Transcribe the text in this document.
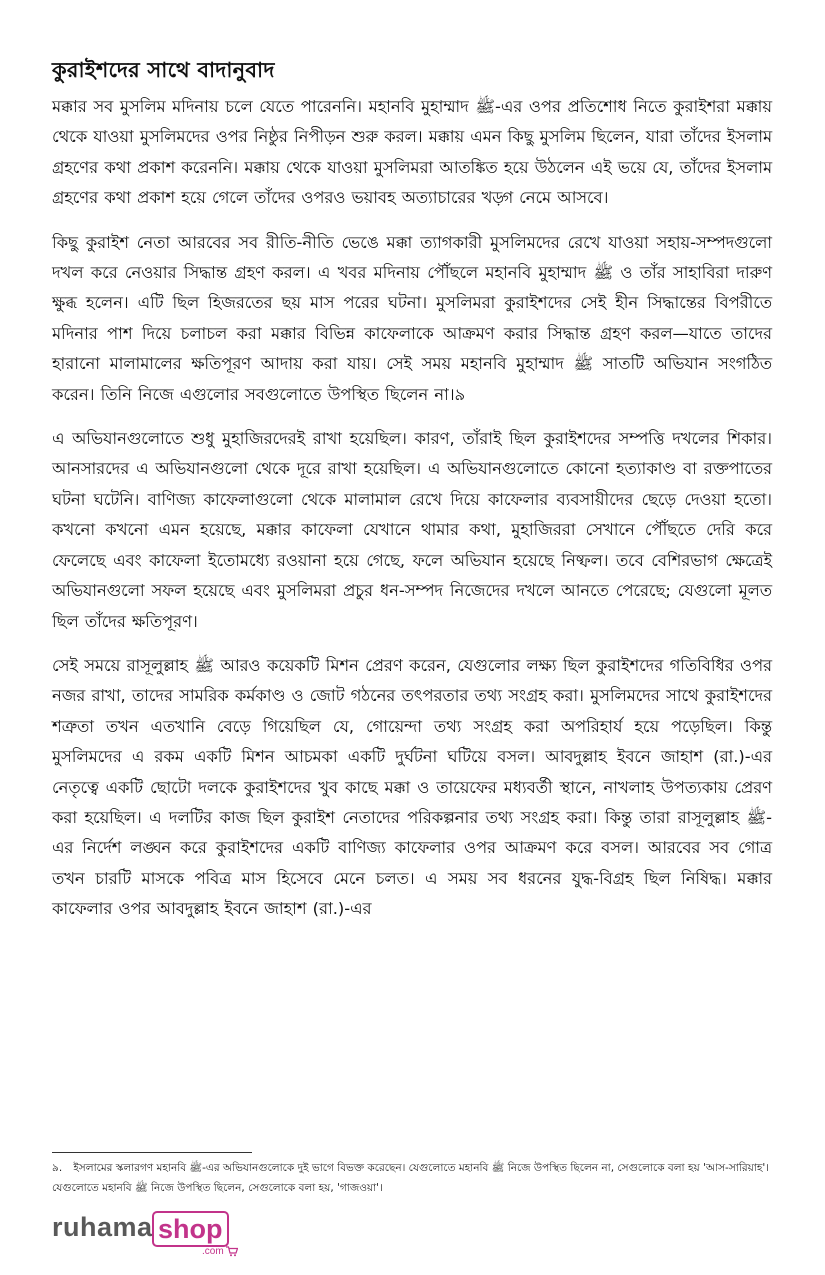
কুরাইশদের সাথে বাদানুবাদ

মক্কার সব মুসলিম মদিনায় চলে যেতে পারেননি। মহানবি মুহাম্মাদ ﷺ-এর ওপর প্রতিশোধ নিতে কুরাইশরা মক্কায় থেকে যাওয়া মুসলিমদের ওপর নিষ্ঠুর নিপীড়ন শুরু করল। মক্কায় এমন কিছু মুসলিম ছিলেন, যারা তাঁদের ইসলাম গ্রহণের কথা প্রকাশ করেননি। মক্কায় থেকে যাওয়া মুসলিমরা আতঙ্কিত হয়ে উঠলেন এই ভয়ে যে, তাঁদের ইসলাম গ্রহণের কথা প্রকাশ হয়ে গেলে তাঁদের ওপরও ভয়াবহ অত্যাচারের খড়্গ নেমে আসবে।

কিছু কুরাইশ নেতা আরবের সব রীতি-নীতি ভেঙে মক্কা ত্যাগকারী মুসলিমদের রেখে যাওয়া সহায়-সম্পদগুলো দখল করে নেওয়ার সিদ্ধান্ত গ্রহণ করল। এ খবর মদিনায় পৌঁছলে মহানবি মুহাম্মাদ ﷺ ও তাঁর সাহাবিরা দারুণ ক্ষুব্ধ হলেন। এটি ছিল হিজরতের ছয় মাস পরের ঘটনা। মুসলিমরা কুরাইশদের সেই হীন সিদ্ধান্তের বিপরীতে মদিনার পাশ দিয়ে চলাচল করা মক্কার বিভিন্ন কাফেলাকে আক্রমণ করার সিদ্ধান্ত গ্রহণ করল—যাতে তাদের হারানো মালামালের ক্ষতিপূরণ আদায় করা যায়। সেই সময় মহানবি মুহাম্মাদ ﷺ সাতটি অভিযান সংগঠিত করেন। তিনি নিজে এগুলোর সবগুলোতে উপস্থিত ছিলেন না।৯

এ অভিযানগুলোতে শুধু মুহাজিরদেরই রাখা হয়েছিল। কারণ, তাঁরাই ছিল কুরাইশদের সম্পত্তি দখলের শিকার। আনসারদের এ অভিযানগুলো থেকে দূরে রাখা হয়েছিল। এ অভিযানগুলোতে কোনো হত্যাকাণ্ড বা রক্তপাতের ঘটনা ঘটেনি। বাণিজ্য কাফেলাগুলো থেকে মালামাল রেখে দিয়ে কাফেলার ব্যবসায়ীদের ছেড়ে দেওয়া হতো। কখনো কখনো এমন হয়েছে, মক্কার কাফেলা যেখানে থামার কথা, মুহাজিররা সেখানে পৌঁছতে দেরি করে ফেলেছে এবং কাফেলা ইতোমধ্যে রওয়ানা হয়ে গেছে, ফলে অভিযান হয়েছে নিষ্ফল। তবে বেশিরভাগ ক্ষেত্রেই অভিযানগুলো সফল হয়েছে এবং মুসলিমরা প্রচুর ধন-সম্পদ নিজেদের দখলে আনতে পেরেছে; যেগুলো মূলত ছিল তাঁদের ক্ষতিপূরণ।

সেই সময়ে রাসূলুল্লাহ ﷺ আরও কয়েকটি মিশন প্রেরণ করেন, যেগুলোর লক্ষ্য ছিল কুরাইশদের গতিবিধির ওপর নজর রাখা, তাদের সামরিক কর্মকাণ্ড ও জোট গঠনের তৎপরতার তথ্য সংগ্রহ করা। মুসলিমদের সাথে কুরাইশদের শত্রুতা তখন এতখানি বেড়ে গিয়েছিল যে, গোয়েন্দা তথ্য সংগ্রহ করা অপরিহার্য হয়ে পড়েছিল। কিন্তু মুসলিমদের এ রকম একটি মিশন আচমকা একটি দুর্ঘটনা ঘটিয়ে বসল। আবদুল্লাহ ইবনে জাহাশ (রা.)-এর নেতৃত্বে একটি ছোটো দলকে কুরাইশদের খুব কাছে মক্কা ও তায়েফের মধ্যবর্তী স্থানে, নাখলাহ উপত্যকায় প্রেরণ করা হয়েছিল। এ দলটির কাজ ছিল কুরাইশ নেতাদের পরিকল্পনার তথ্য সংগ্রহ করা। কিন্তু তারা রাসূলুল্লাহ ﷺ-এর নির্দেশ লঙ্ঘন করে কুরাইশদের একটি বাণিজ্য কাফেলার ওপর আক্রমণ করে বসল। আরবের সব গোত্র তখন চারটি মাসকে পবিত্র মাস হিসেবে মেনে চলত। এ সময় সব ধরনের যুদ্ধ-বিগ্রহ ছিল নিষিদ্ধ। মক্কার কাফেলার ওপর আবদুল্লাহ ইবনে জাহাশ (রা.)-এর

৯. ইসলামের স্কলারগণ মহানবি ﷺ-এর অভিযানগুলোকে দুই ভাগে বিভক্ত করেছেন। যেগুলোতে মহানবি ﷺ নিজে উপস্থিত ছিলেন না, সেগুলোকে বলা হয় 'আস-সারিয়াহ'।
যেগুলোতে মহানবি ﷺ নিজে উপস্থিত ছিলেন, সেগুলোকে বলা হয়, 'গাজওয়া'।
ruhama shop
.com
